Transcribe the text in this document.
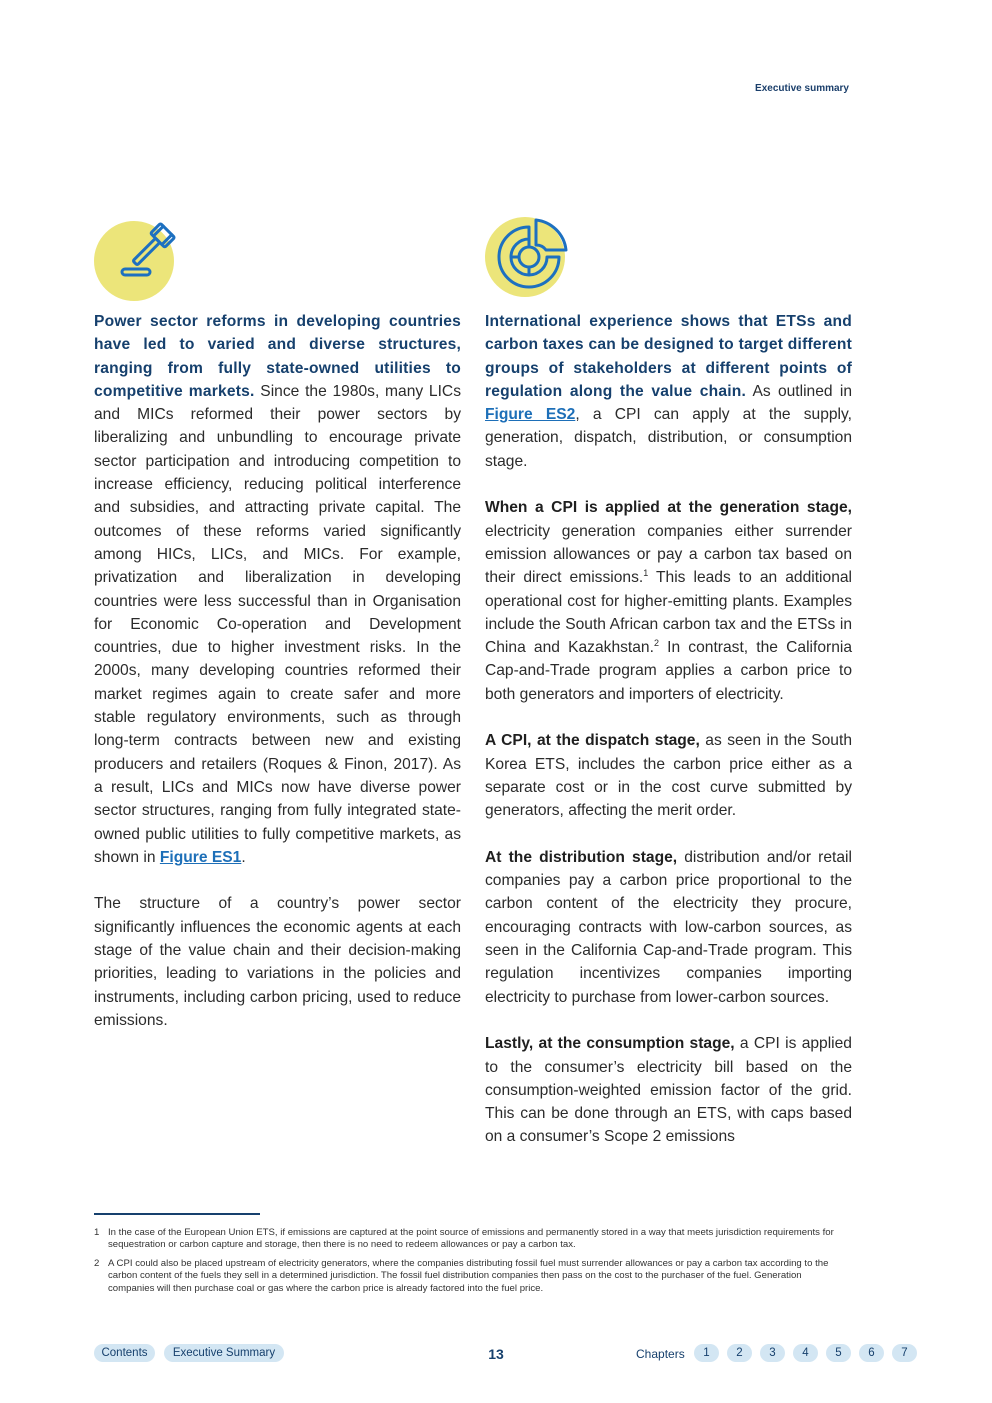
Executive summary

Power sector reforms in developing countries have led to varied and diverse structures, ranging from fully state-owned utilities to competitive markets. Since the 1980s, many LICs and MICs reformed their power sectors by liberalizing and unbundling to encourage private sector participation and introducing competition to increase efficiency, reducing political interference and subsidies, and attracting private capital. The outcomes of these reforms varied significantly among HICs, LICs, and MICs. For example, privatization and liberalization in developing countries were less successful than in Organisation for Economic Co-operation and Development countries, due to higher investment risks. In the 2000s, many developing countries reformed their market regimes again to create safer and more stable regulatory environments, such as through long-term contracts between new and existing producers and retailers (Roques & Finon, 2017). As a result, LICs and MICs now have diverse power sector structures, ranging from fully integrated state-owned public utilities to fully competitive markets, as shown in Figure ES1.

The structure of a country’s power sector significantly influences the economic agents at each stage of the value chain and their decision-making priorities, leading to variations in the policies and instruments, including carbon pricing, used to reduce emissions.

International experience shows that ETSs and carbon taxes can be designed to target different groups of stakeholders at different points of regulation along the value chain. As outlined in Figure ES2, a CPI can apply at the supply, generation, dispatch, distribution, or consumption stage.

When a CPI is applied at the generation stage, electricity generation companies either surrender emission allowances or pay a carbon tax based on their direct emissions.$^1$ This leads to an additional operational cost for higher-emitting plants. Examples include the South African carbon tax and the ETSs in China and Kazakhstan.$^2$ In contrast, the California Cap-and-Trade program applies a carbon price to both generators and importers of electricity.

A CPI, at the dispatch stage, as seen in the South Korea ETS, includes the carbon price either as a separate cost or in the cost curve submitted by generators, affecting the merit order.

At the distribution stage, distribution and/or retail companies pay a carbon price proportional to the carbon content of the electricity they procure, encouraging contracts with low-carbon sources, as seen in the California Cap-and-Trade program. This regulation incentivizes companies importing electricity to purchase from lower-carbon sources.

Lastly, at the consumption stage, a CPI is applied to the consumer’s electricity bill based on the consumption-weighted emission factor of the grid. This can be done through an ETS, with caps based on a consumer’s Scope 2 emissions

1 In the case of the European Union ETS, if emissions are captured at the point source of emissions and permanently stored in a way that meets jurisdiction requirements for sequestration or carbon capture and storage, then there is no need to redeem allowances or pay a carbon tax.
2 A CPI could also be placed upstream of electricity generators, where the companies distributing fossil fuel must surrender allowances or pay a carbon tax according to the carbon content of the fuels they sell in a determined jurisdiction. The fossil fuel distribution companies then pass on the cost to the purchaser of the fuel. Generation companies will then purchase coal or gas where the carbon price is already factored into the fuel price.
Contents	Executive Summary	13	Chapters	1	2	3	4	5	6	7
